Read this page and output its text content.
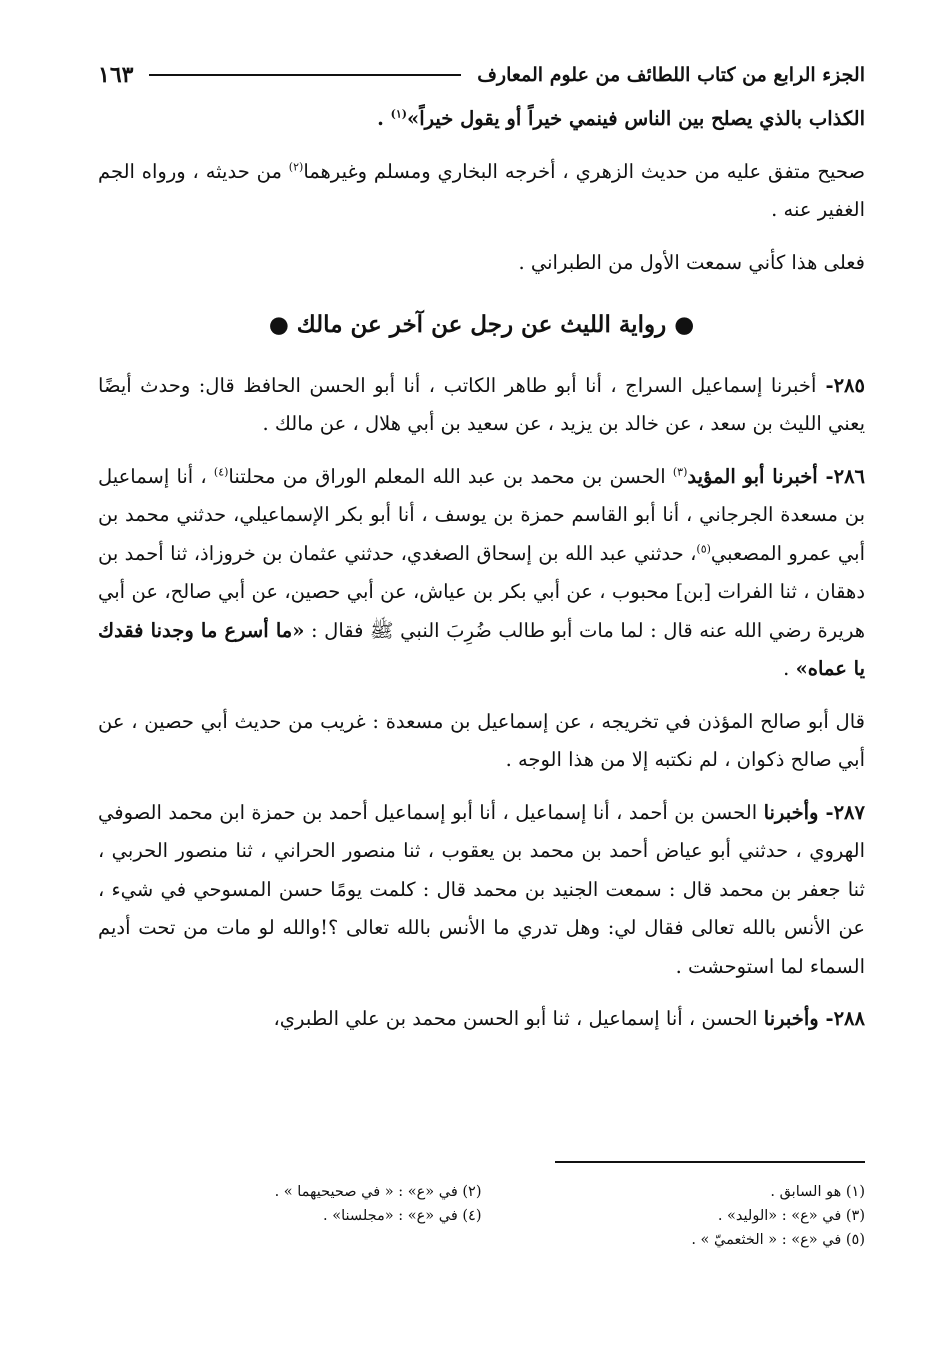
الجزء الرابع من كتاب اللطائف من علوم المعارف
١٦٣

الكذاب بالذي يصلح بين الناس فينمي خيراً أو يقول خيراً»$^{(١)}$ .

صحيح متفق عليه من حديث الزهري ، أخرجه البخاري ومسلم وغيرهما$^{(٢)}$ من حديثه ، ورواه الجم الغفير عنه .

فعلى هذا كأني سمعت الأول من الطبراني .

● رواية الليث عن رجل عن آخر عن مالك ●

٢٨٥- أخبرنا إسماعيل السراج ، أنا أبو طاهر الكاتب ، أنا أبو الحسن الحافظ قال: وحدث أيضًا يعني الليث بن سعد ، عن خالد بن يزيد ، عن سعيد بن أبي هلال ، عن مالك .

٢٨٦- أخبرنا أبو المؤيد$^{(٣)}$ الحسن بن محمد بن عبد الله المعلم الوراق من محلتنا$^{(٤)}$ ، أنا إسماعيل بن مسعدة الجرجاني ، أنا أبو القاسم حمزة بن يوسف ، أنا أبو بكر الإسماعيلي، حدثني محمد بن أبي عمرو المصعبي$^{(٥)}$، حدثني عبد الله بن إسحاق الصغدي، حدثني عثمان بن خروزاذ، ثنا أحمد بن دهقان ، ثنا الفرات [بن] محبوب ، عن أبي بكر بن عياش، عن أبي حصين، عن أبي صالح، عن أبي هريرة رضي الله عنه قال : لما مات أبو طالب ضُرِبَ النبي ﷺ فقال : «ما أسرع ما وجدنا فقدك يا عماه» .

قال أبو صالح المؤذن في تخريجه ، عن إسماعيل بن مسعدة : غريب من حديث أبي حصين ، عن أبي صالح ذكوان ، لم نكتبه إلا من هذا الوجه .

٢٨٧- وأخبرنا الحسن بن أحمد ، أنا إسماعيل ، أنا أبو إسماعيل أحمد بن حمزة ابن محمد الصوفي الهروي ، حدثني أبو عياض أحمد بن محمد بن يعقوب ، ثنا منصور الحراني ، ثنا منصور الحربي ، ثنا جعفر بن محمد قال : سمعت الجنيد بن محمد قال : كلمت يومًا حسن المسوحي في شيء ، عن الأنس بالله تعالى فقال لي: وهل تدري ما الأنس بالله تعالى ؟!والله لو مات من تحت أديم السماء لما استوحشت .

٢٨٨- وأخبرنا الحسن ، أنا إسماعيل ، ثنا أبو الحسن محمد بن علي الطبري،

(١) هو السابق .
(٢) في «ع» : « في صحيحيهما » .
(٣) في «ع» : «الوليد» .
(٤) في «ع» : «مجلسنا» .
(٥) في «ع» : « الخثعميّ » .
